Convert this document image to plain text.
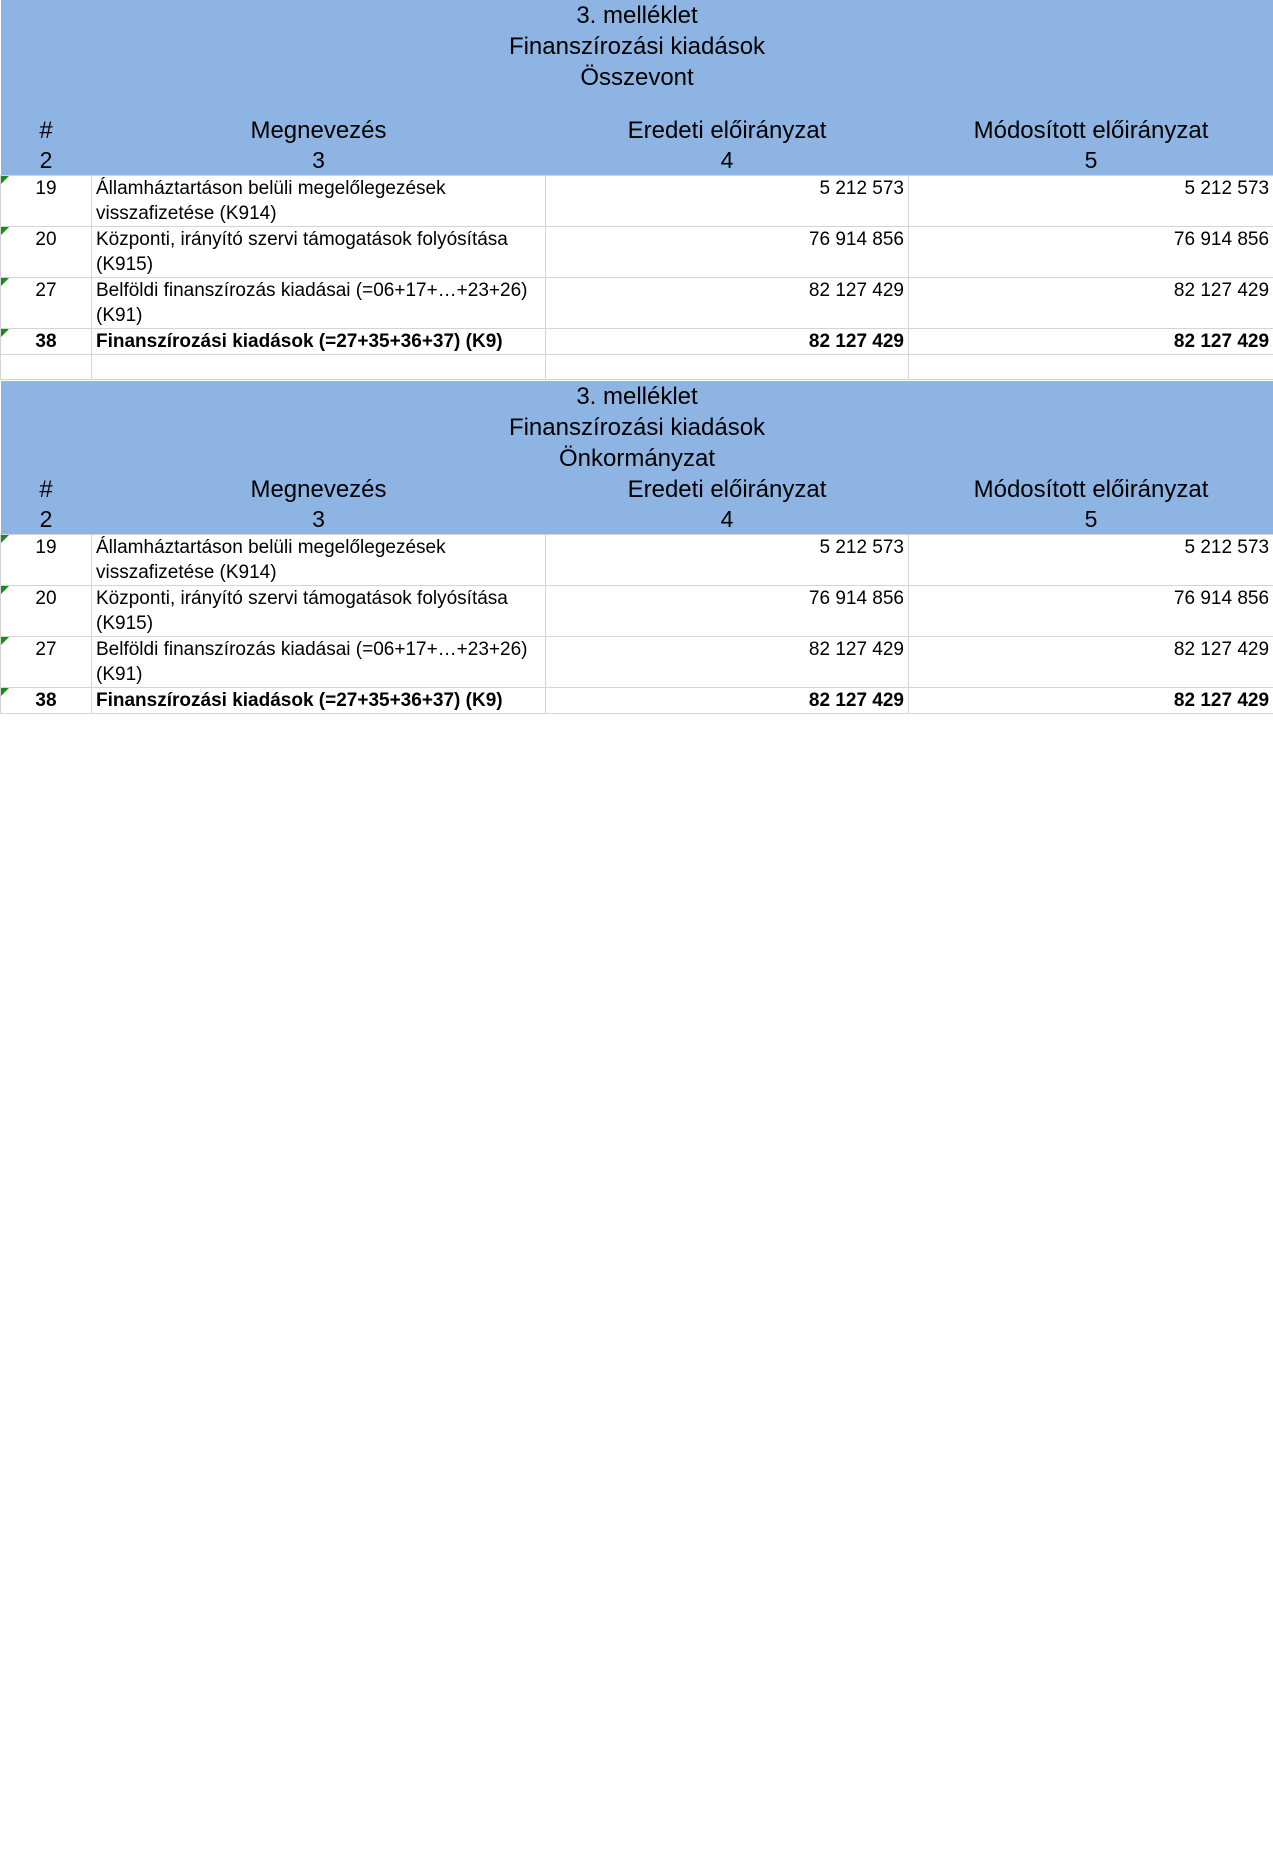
3. melléklet			
Finanszírozási kiadások			
Összevont			

#	Megnevezés	Eredeti előirányzat	Módosított előirányzat
2	3	4	5

19	Államháztartáson belüli megelőlegezések visszafizetése (K914)	5 212 573	5 212 573

20	Központi, irányító szervi támogatások folyósítása (K915)	76 914 856	76 914 856

27	Belföldi finanszírozás kiadásai (=06+17+…+23+26) (K91)	82 127 429	82 127 429

38	Finanszírozási kiadások (=27+35+36+37) (K9)	82 127 429	82 127 429

3. melléklet			
Finanszírozási kiadások			
Önkormányzat			
#	Megnevezés	Eredeti előirányzat	Módosított előirányzat
2	3	4	5

19	Államháztartáson belüli megelőlegezések visszafizetése (K914)	5 212 573	5 212 573

20	Központi, irányító szervi támogatások folyósítása (K915)	76 914 856	76 914 856

27	Belföldi finanszírozás kiadásai (=06+17+…+23+26) (K91)	82 127 429	82 127 429

38	Finanszírozási kiadások (=27+35+36+37) (K9)	82 127 429	82 127 429
